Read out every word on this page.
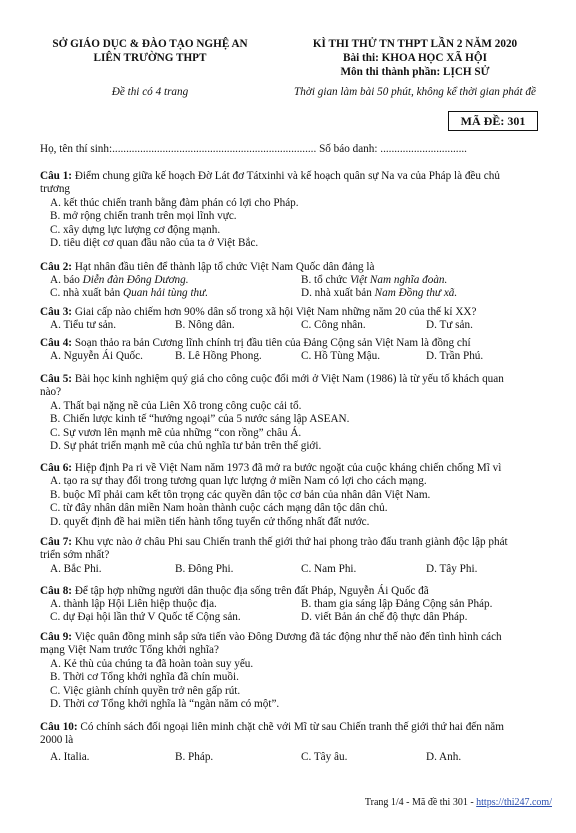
SỞ GIÁO DỤC & ĐÀO TẠO NGHỆ AN
LIÊN TRƯỜNG THPT
Đề thi có 4 trang
KÌ THI THỬ TN THPT LẦN 2 NĂM 2020
Bài thi: KHOA HỌC XÃ HỘI
Môn thi thành phần: LỊCH SỬ
Thời gian làm bài 50 phút, không kể thời gian phát đề
MÃ ĐỀ: 301
Họ, tên thí sinh:......................................................................... Số báo danh: ...............................
Câu 1: Điểm chung giữa kế hoạch Đờ Lát đơ Tátxinhi và kế hoạch quân sự Na va của Pháp là đều chủ
trương
A. kết thúc chiến tranh bằng đàm phán có lợi cho Pháp.
B. mở rộng chiến tranh trên mọi lĩnh vực.
C. xây dựng lực lượng cơ động mạnh.
D. tiêu diệt cơ quan đầu não của ta ở Việt Bắc.
Câu 2: Hạt nhân đầu tiên để thành lập tổ chức Việt Nam Quốc dân đảng là
A. báo Diễn đàn Đông Dương.	B. tổ chức Việt Nam nghĩa đoàn.
C. nhà xuất bản Quan hải tùng thư.	D. nhà xuất bản Nam Đồng thư xã.
Câu 3: Giai cấp nào chiếm hơn 90% dân số trong xã hội Việt Nam những năm 20 của thế kỉ XX?
A. Tiểu tư sản.	B. Nông dân.	C. Công nhân.	D. Tư sản.
Câu 4: Soạn thảo ra bản Cương lĩnh chính trị đầu tiên của Đảng Cộng sản Việt Nam là đồng chí
A. Nguyễn Ái Quốc.	B. Lê Hồng Phong.	C. Hồ Tùng Mậu.	D. Trần Phú.
Câu 5: Bài học kinh nghiệm quý giá cho công cuộc đổi mới ở Việt Nam (1986) là từ yếu tố khách quan
nào?
A. Thất bại nặng nề của Liên Xô trong công cuộc cải tổ.
B. Chiến lược kinh tế “hướng ngoại” của 5 nước sáng lập ASEAN.
C. Sự vươn lên mạnh mẽ của những “con rồng” châu Á.
D. Sự phát triển mạnh mẽ của chủ nghĩa tư bản trên thế giới.
Câu 6: Hiệp định Pa ri về Việt Nam năm 1973 đã mở ra bước ngoặt của cuộc kháng chiến chống Mĩ vì
A. tạo ra sự thay đổi trong tương quan lực lượng ở miền Nam có lợi cho cách mạng.
B. buộc Mĩ phải cam kết tôn trọng các quyền dân tộc cơ bản của nhân dân Việt Nam.
C. từ đây nhân dân miền Nam hoàn thành cuộc cách mạng dân tộc dân chủ.
D. quyết định đề hai miền tiến hành tổng tuyển cử thống nhất đất nước.
Câu 7: Khu vực nào ở châu Phi sau Chiến tranh thế giới thứ hai phong trào đấu tranh giành độc lập phát
triển sớm nhất?
A. Bắc Phi.	B. Đông Phi.	C. Nam Phi.	D. Tây Phi.
Câu 8: Để tập hợp những người dân thuộc địa sống trên đất Pháp, Nguyễn Ái Quốc đã
A. thành lập Hội Liên hiệp thuộc địa.	B. tham gia sáng lập Đảng Cộng sản Pháp.
C. dự Đại hội lần thứ V Quốc tế Cộng sản.	D. viết Bản án chế độ thực dân Pháp.
Câu 9: Việc quân đồng minh sắp sửa tiến vào Đông Dương đã tác động như thế nào đến tình hình cách
mạng Việt Nam trước Tổng khởi nghĩa?
A. Kẻ thù của chúng ta đã hoàn toàn suy yếu.
B. Thời cơ Tổng khởi nghĩa đã chín muồi.
C. Việc giành chính quyền trở nên gấp rút.
D. Thời cơ Tổng khởi nghĩa là “ngàn năm có một”.
Câu 10: Có chính sách đối ngoại liên minh chặt chẽ với Mĩ từ sau Chiến tranh thế giới thứ hai đến năm
2000 là
A. Italia.	B. Pháp.	C. Tây âu.	D. Anh.
Trang 1/4 - Mã đề thi 301 - https://thi247.com/
